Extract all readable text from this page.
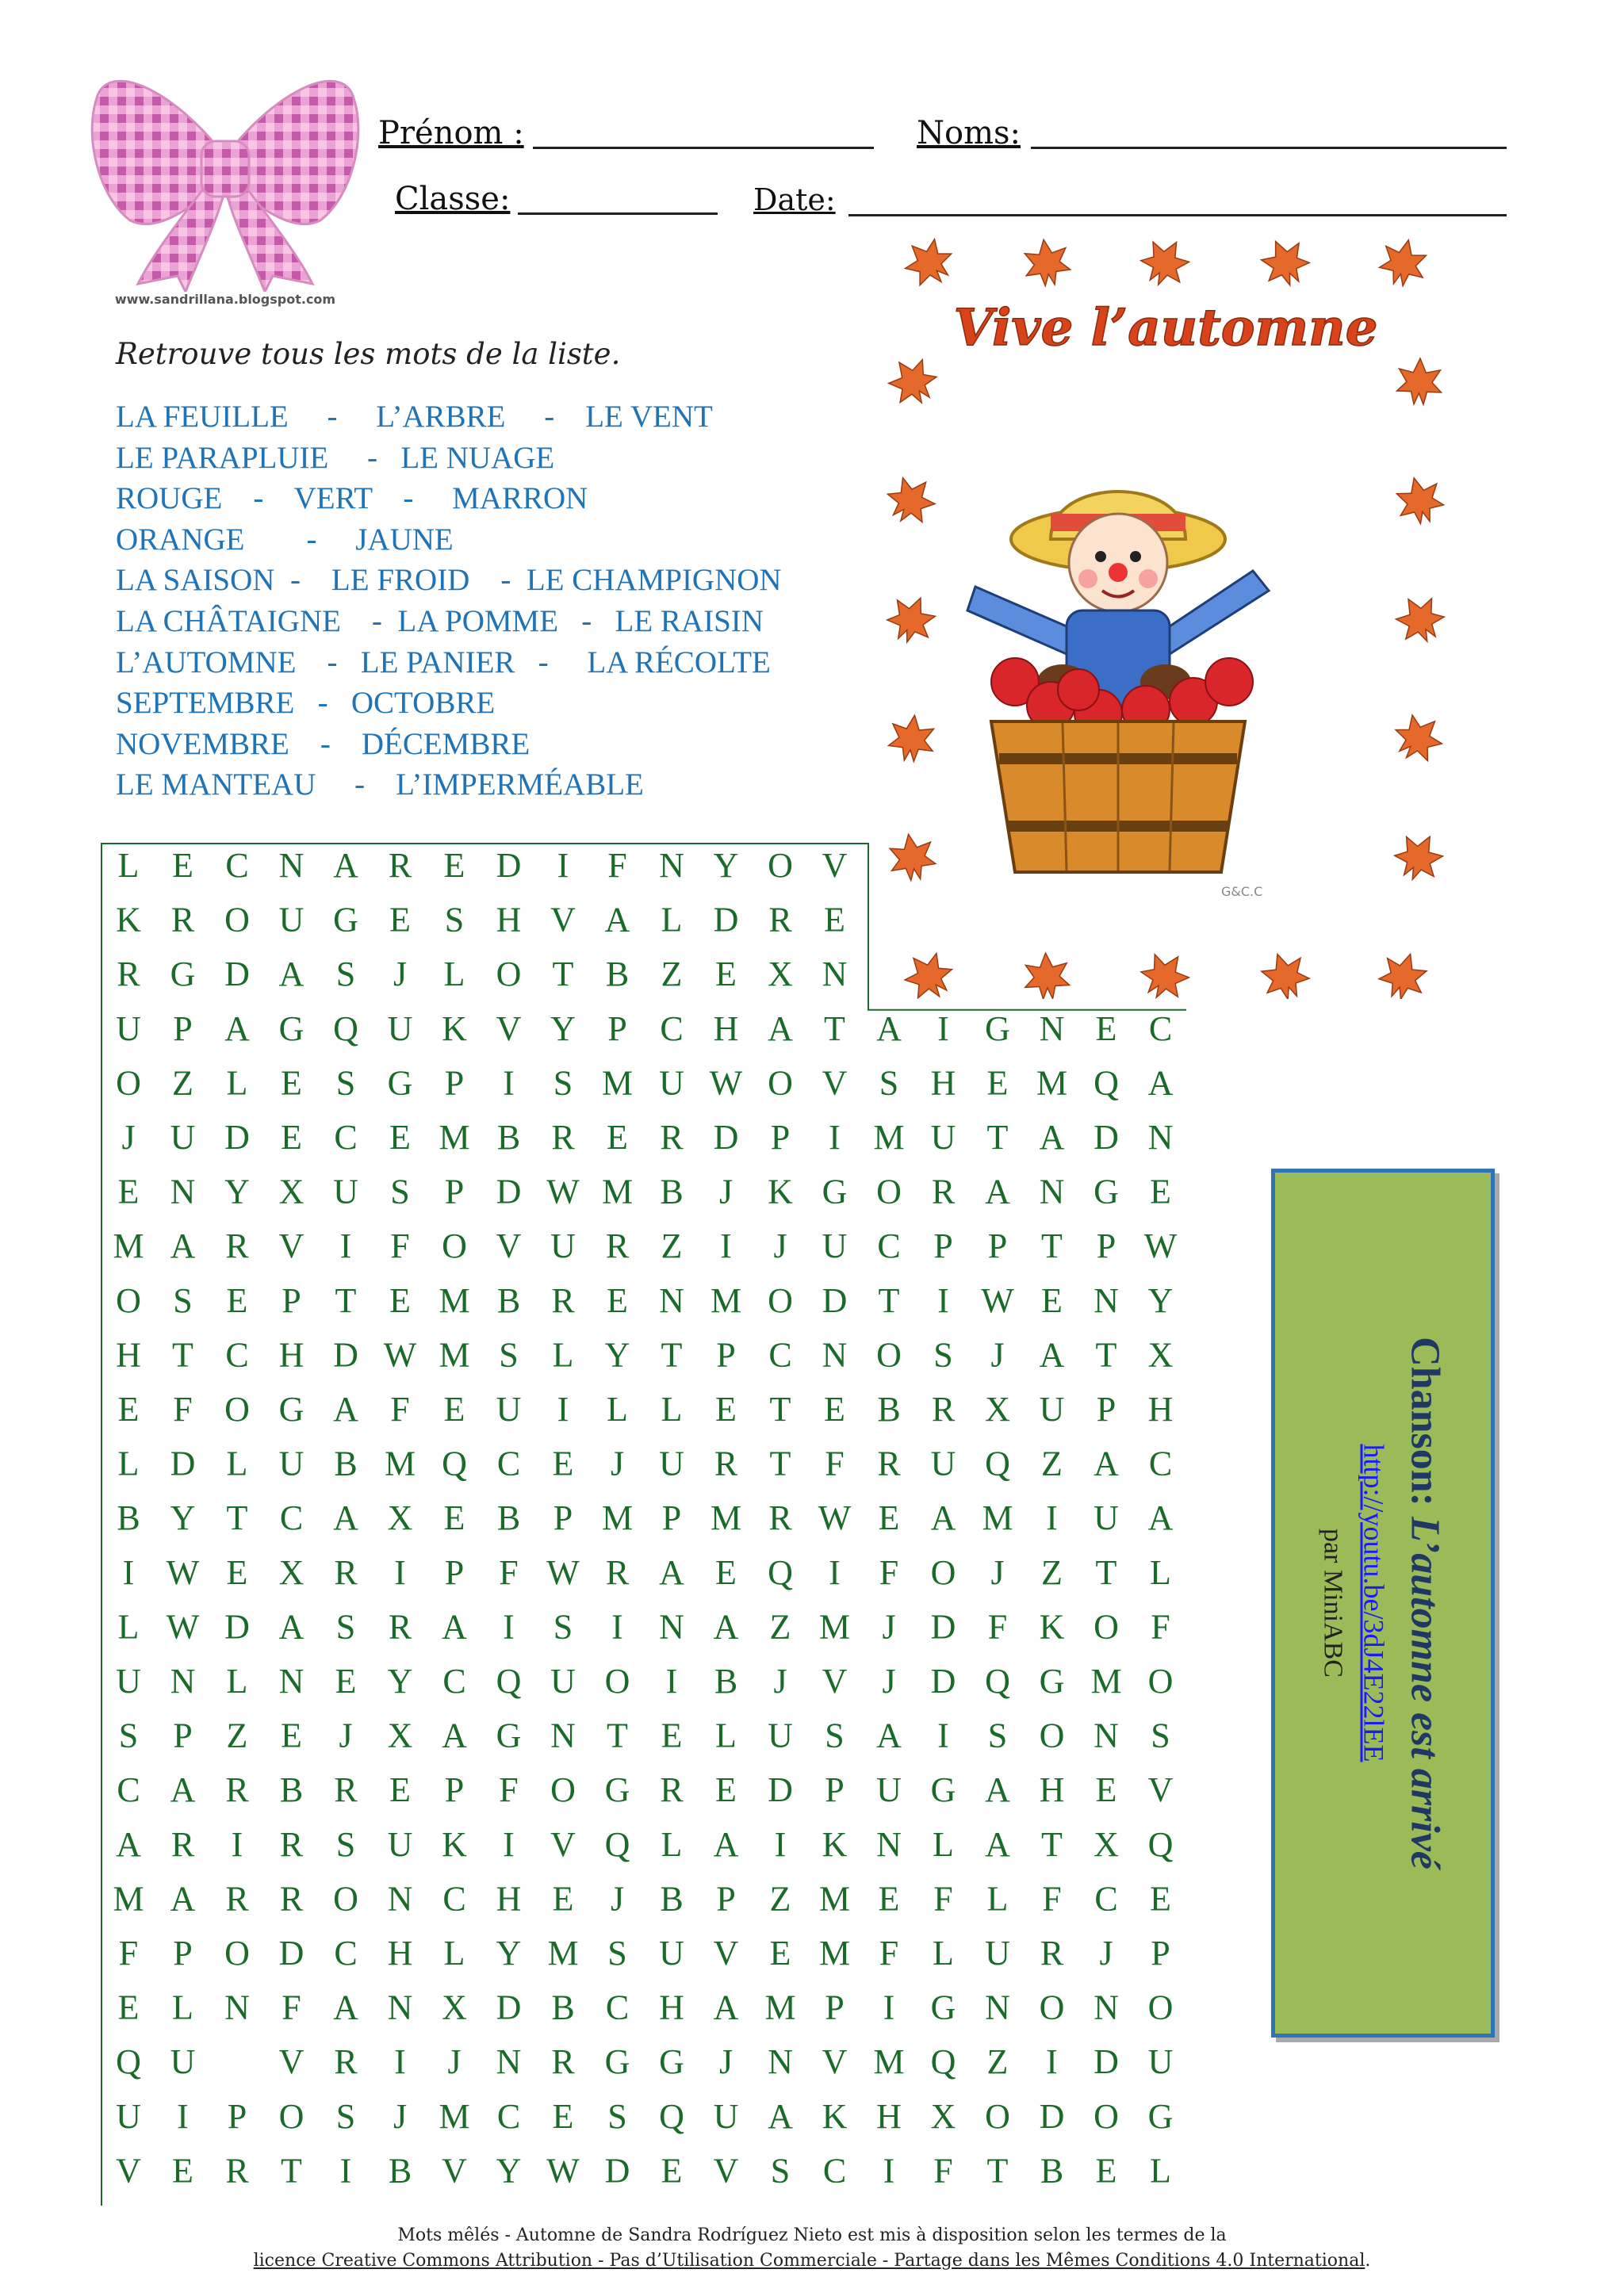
www.sandrillana.blogspot.com
Prénom :	Noms:
Classe:	Date:
Retrouve tous les mots de la liste.
LA FEUILLE     -     L’ARBRE     -    LE VENT
LE PARAPLUIE     -   LE NUAGE
ROUGE    -    VERT    -     MARRON
ORANGE        -     JAUNE
LA SAISON  -    LE FROID    -  LE CHAMPIGNON
LA CHÂTAIGNE    -  LA POMME   -   LE RAISIN
L’AUTOMNE    -   LE PANIER   -     LA RÉCOLTE
SEPTEMBRE   -   OCTOBRE
NOVEMBRE    -    DÉCEMBRE
LE MANTEAU     -    L’IMPERMÉABLE
L E C N A R E D I F N Y O V
K R O U G E S H V A L D R E
R G D A S J L O T B Z E X N
U P A G Q U K V Y P C H A T A I G N E C
O Z L E S G P I S M U W O V S H E M Q A
J U D E C E M B R E R D P I M U T A D N
E N Y X U S P D W M B J K G O R A N G E
M A R V I F O V U R Z I J U C P P T P W
O S E P T E M B R E N M O D T I W E N Y
H T C H D W M S L Y T P C N O S J A T X
E F O G A F E U I L L E T E B R X U P H
L D L U B M Q C E J U R T F R U Q Z A C
B Y T C A X E B P M P M R W E A M I U A
I W E X R I P F W R A E Q I F O J Z T L
L W D A S R A I S I N A Z M J D F K O F
U N L N E Y C Q U O I B J V J D Q G M O
S P Z E J X A G N T E L U S A I S O N S
C A R B R E P F O G R E D P U G A H E V
A R I R S U K I V Q L A I K N L A T X Q
M A R R O N C H E J B P Z M E F L F C E
F P O D C H L Y M S U V E M F L U R J P
E L N F A N X D B C H A M P I G N O N O
Q U V R I J N R G G J N V M Q Z I D U
U I P O S J M C E S Q U A K H X O D O G
V E R T I B V Y W D E V S C I F T B E L
Vive l’automne
G&C.C
Chanson: L’automne est arrivé
http://youtu.be/3dJ4E22lEE
par MiniABC
Mots mêlés - Automne de Sandra Rodríguez Nieto est mis à disposition selon les termes de la
licence Creative Commons Attribution - Pas d’Utilisation Commerciale - Partage dans les Mêmes Conditions 4.0 International.
